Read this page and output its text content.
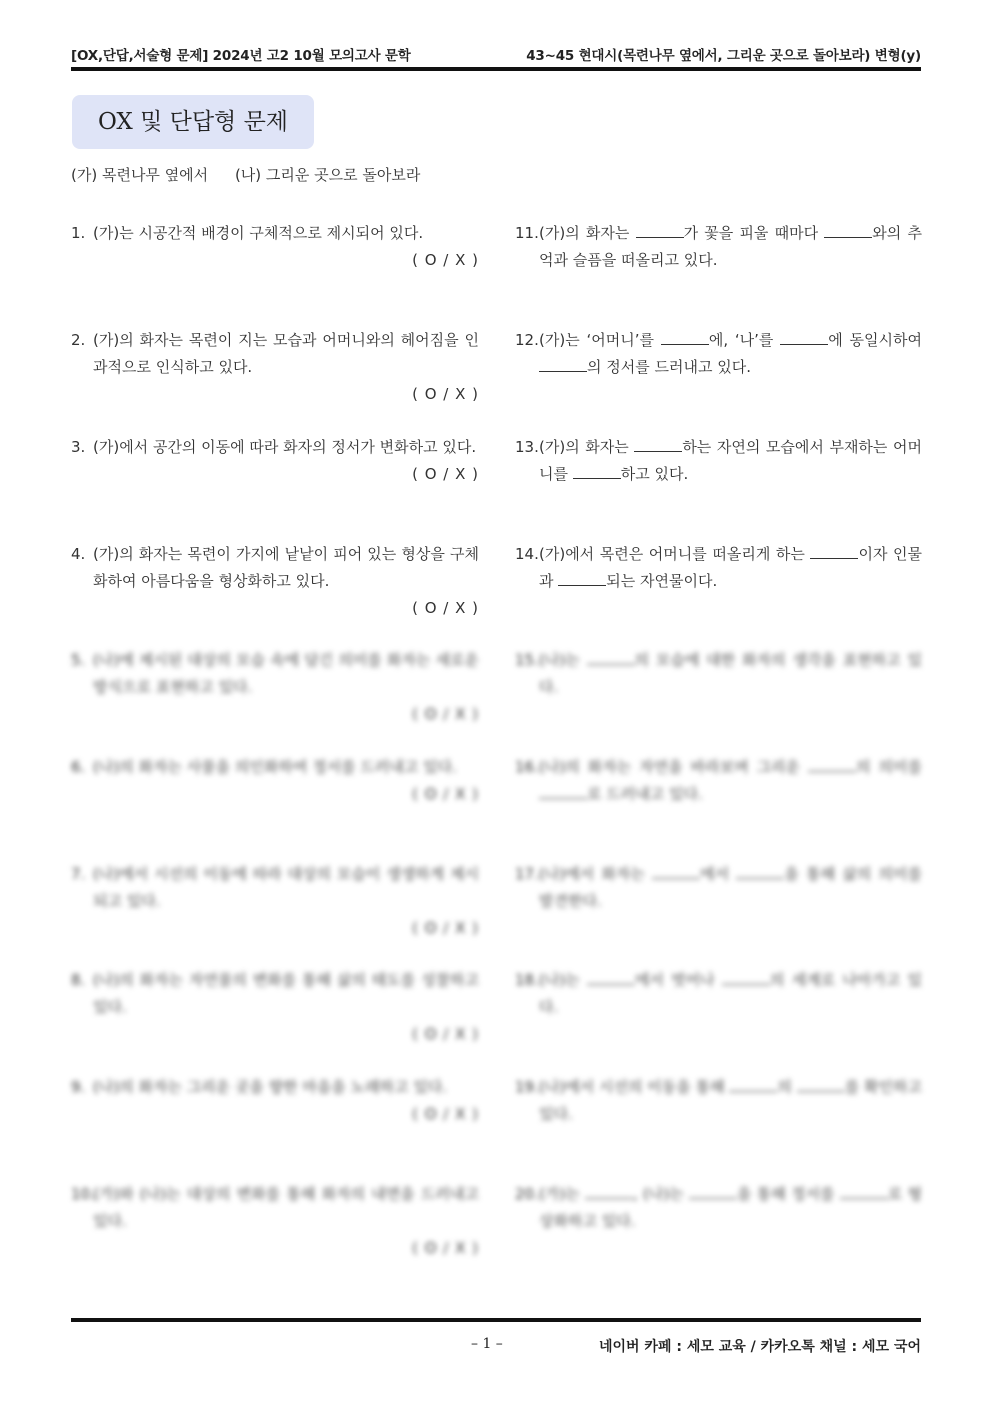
[OX,단답,서술형 문제] 2024년 고2 10월 모의고사 문학	43~45 현대시(목련나무 옆에서, 그리운 곳으로 돌아보라) 변형(y)
OX 및 단답형 문제
(가) 목련나무 옆에서 (나) 그리운 곳으로 돌아보라
– 1 –	네이버 카페 : 세모 교육 / 카카오톡 채널 : 세모 국어
1. (가)는 시공간적 배경이 구체적으로 제시되어 있다.
( O / X )
2. (가)의 화자는 목련이 지는 모습과 어머니와의 헤어짐을 인과적으로 인식하고 있다.
( O / X )
3. (가)에서 공간의 이동에 따라 화자의 정서가 변화하고 있다.
( O / X )
4. (가)의 화자는 목련이 가지에 낱낱이 피어 있는 형상을 구체화하여 아름다움을 형상화하고 있다.
( O / X )
5. (나)에 제시된 대상의 모습 속에 담긴 의미를 화자는 새로운 방식으로 표현하고 있다.
( O / X )
6. (나)의 화자는 사물을 의인화하여 정서를 드러내고 있다.
( O / X )
7. (나)에서 시선의 이동에 따라 대상의 모습이 생생하게 제시되고 있다.
( O / X )
8. (나)의 화자는 자연물의 변화를 통해 삶의 태도를 성찰하고 있다.
( O / X )
9. (나)의 화자는 그리운 곳을 향한 마음을 노래하고 있다.
( O / X )
10.
(가)와 (나)는 대상의 변화를 통해 화자의 내면을 드러내고 있다.
( O / X )
11. (가)의 화자는	가 꽃을 피울 때마다	와의 추억과 슬픔을 떠올리고 있다.
12. (가)는 ‘어머니’를	에, ‘나’를	에 동일시하여 의 정서를 드러내고 있다.
13. (가)의 화자는	하는 자연의 모습에서 부재하는 어머니를	하고 있다.
14. (가)에서 목련은 어머니를 떠올리게 하는	이자 인물과	되는 자연물이다.
15. (나)는	의 모습에 대한 화자의 생각을 표현하고 있다.
16. (나)의 화자는 자연을 바라보며 그리운	의 의미를 로 드러내고 있다.
17. (나)에서 화자는	에서	을 통해 삶의 의미를 발견한다.
18. (나)는	에서 벗어나	의 세계로 나아가고 있다.
19. (나)에서 시선의 이동을 통해	의	를 확인하고 있다.
20. (가)는	, (나)는	을 통해 정서를	로 형상화하고 있다.
